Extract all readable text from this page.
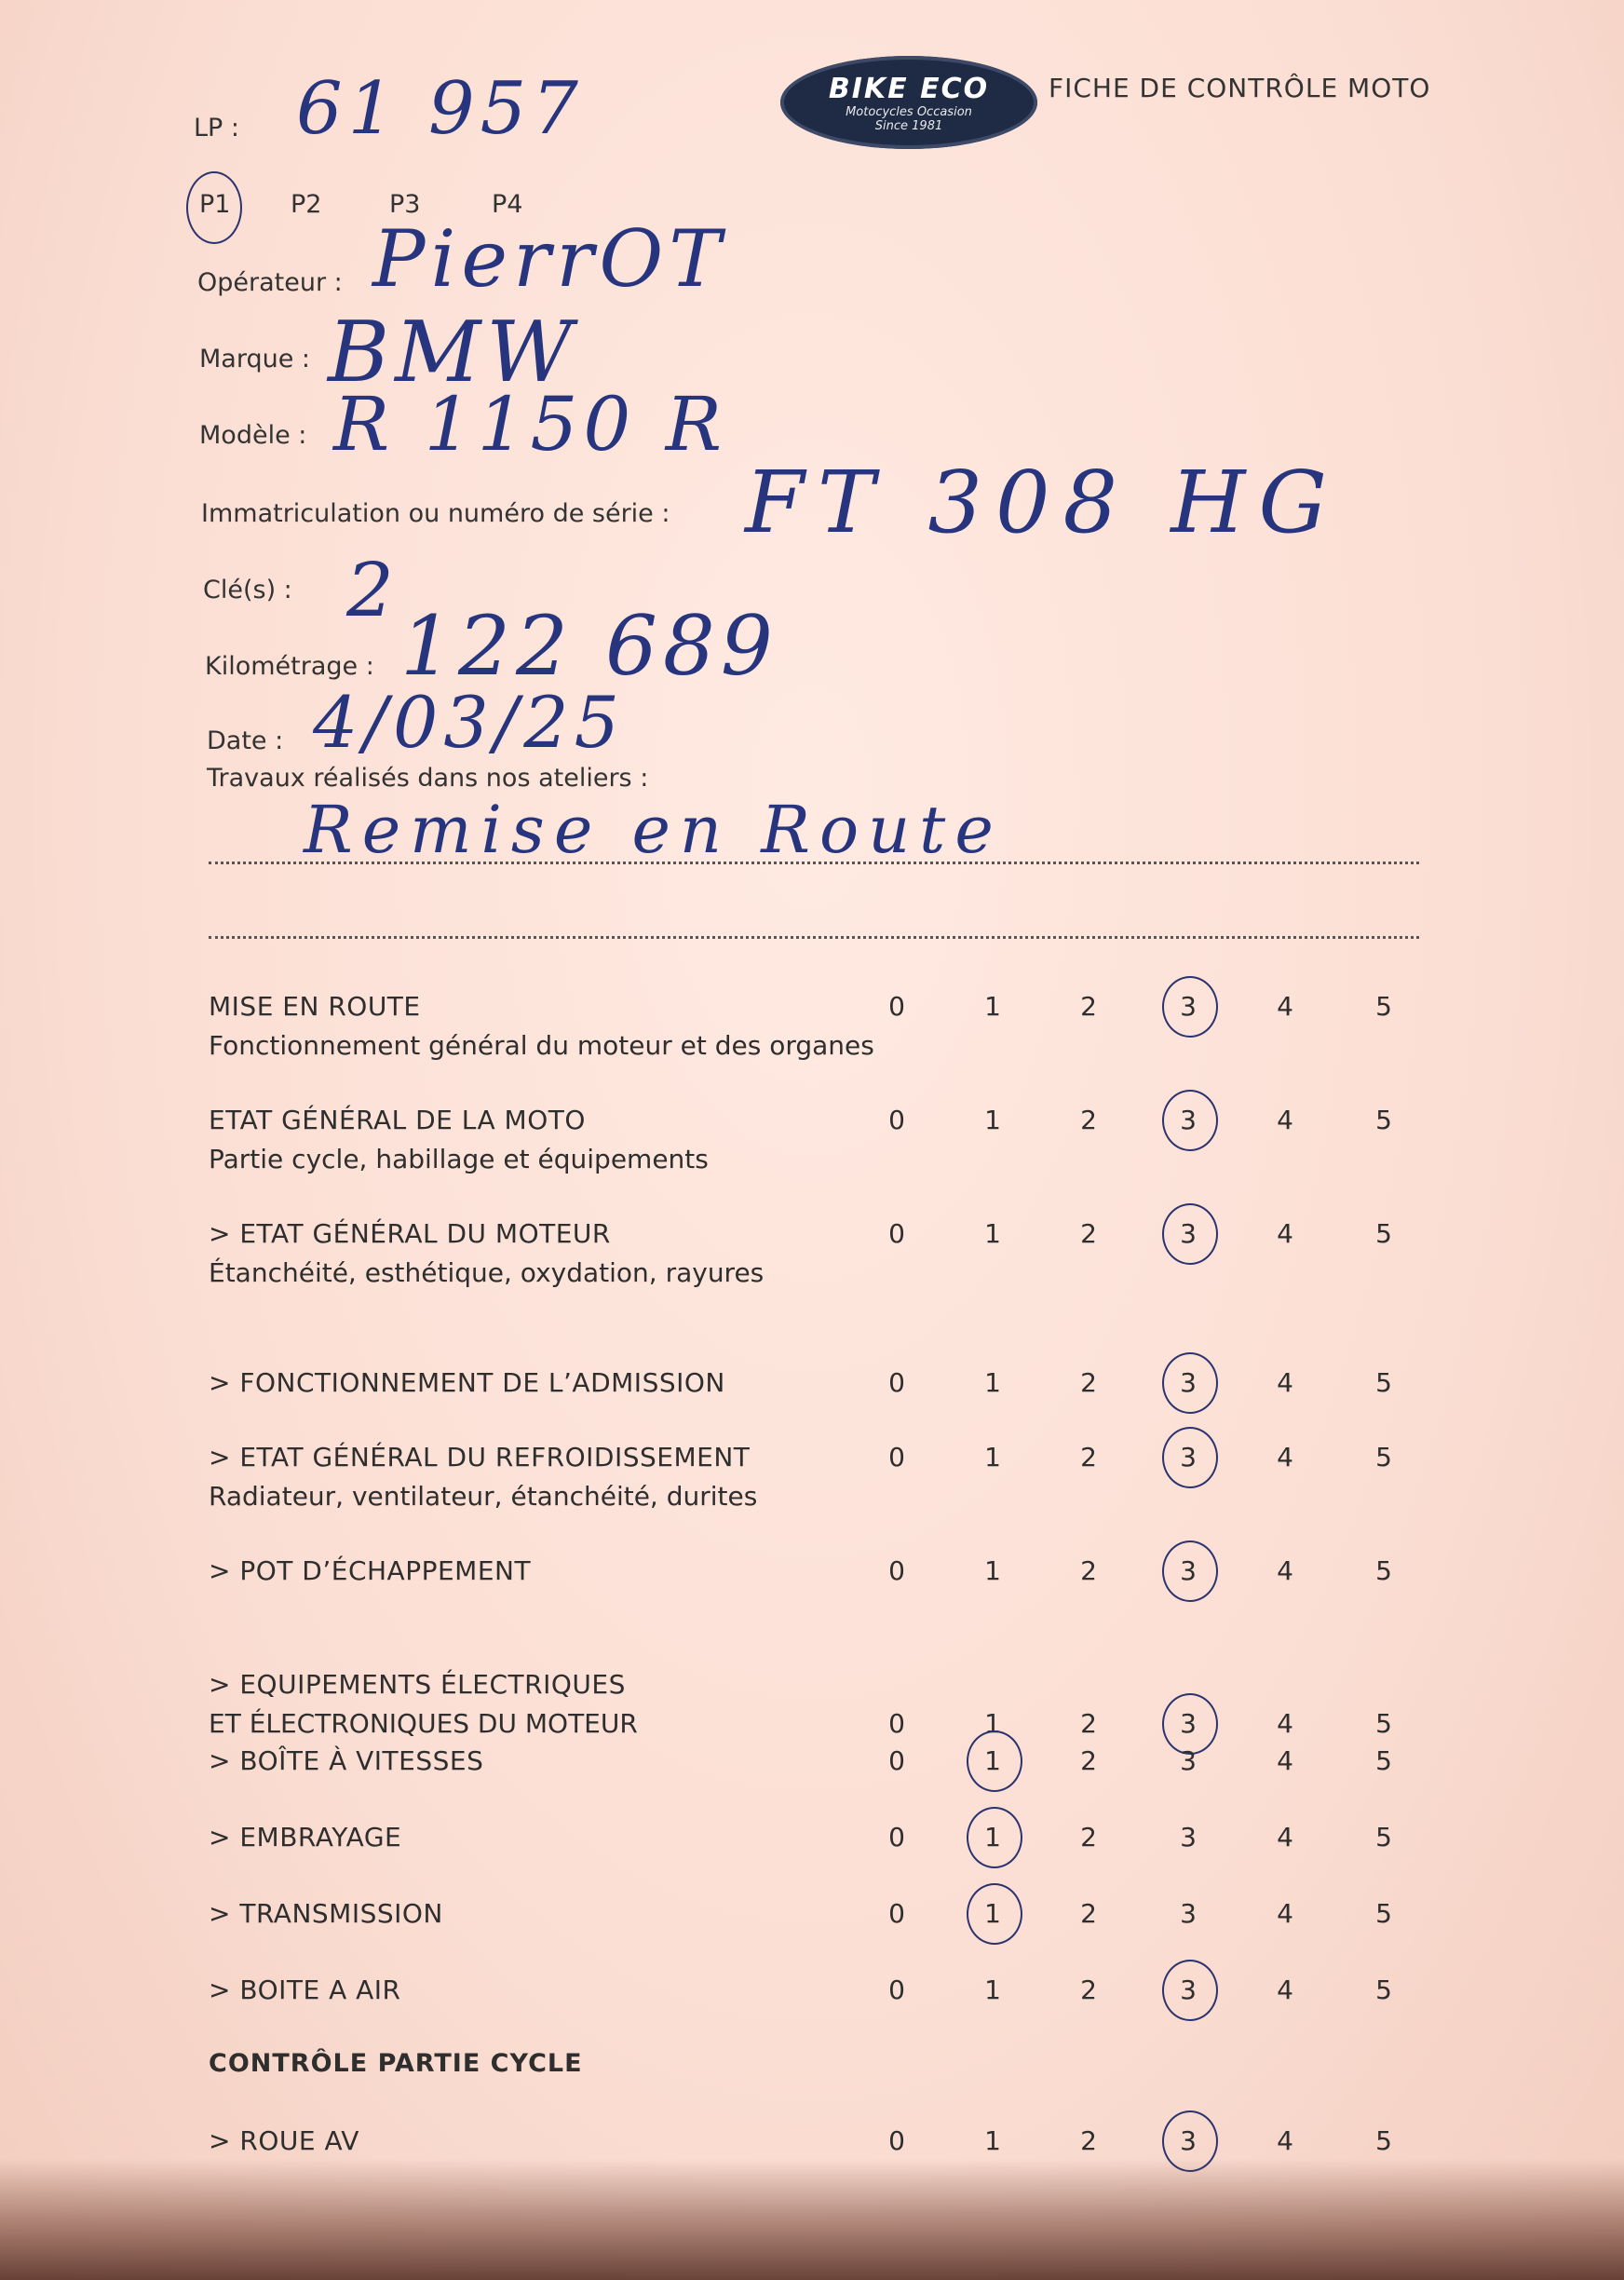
LP : 61 957	BIKE ECO
Motocycles Occasion
Since 1981
FICHE DE CONTRÔLE MOTO
P1 P2	P3	P4
Opérateur : PierrOT
Marque : BMW
Modèle : R 1150 R
Immatriculation ou numéro de série : FT 308 HG
Clé(s) : 2
Kilométrage : 122 689
Date : 4/03/25
Travaux réalisés dans nos ateliers :
Remise en Route
MISE EN ROUTE
Fonctionnement général du moteur et des organes
0	1	2	3	4	5
ETAT GÉNÉRAL DE LA MOTO
Partie cycle, habillage et équipements
0	1	2	3	4	5
> ETAT GÉNÉRAL DU MOTEUR
Étanchéité, esthétique, oxydation, rayures
0	1	2	3	4	5
> FONCTIONNEMENT DE L’ADMISSION	0	1	2	3	4	5
> ETAT GÉNÉRAL DU REFROIDISSEMENT
Radiateur, ventilateur, étanchéité, durites
0	1	2	3	4	5
> POT D’ÉCHAPPEMENT	0	1	2	3	4	5
> EQUIPEMENTS ÉLECTRIQUES
ET ÉLECTRONIQUES DU MOTEUR	0	1	2	3	4	5
> BOÎTE À VITESSES	0	1	2	3	4	5
> EMBRAYAGE	0	1	2	3	4	5
> TRANSMISSION	0	1	2	3	4	5
> BOITE A AIR	0	1	2	3	4	5
> ROUE AV	0	1	2	3	4	5
CONTRÔLE PARTIE CYCLE
